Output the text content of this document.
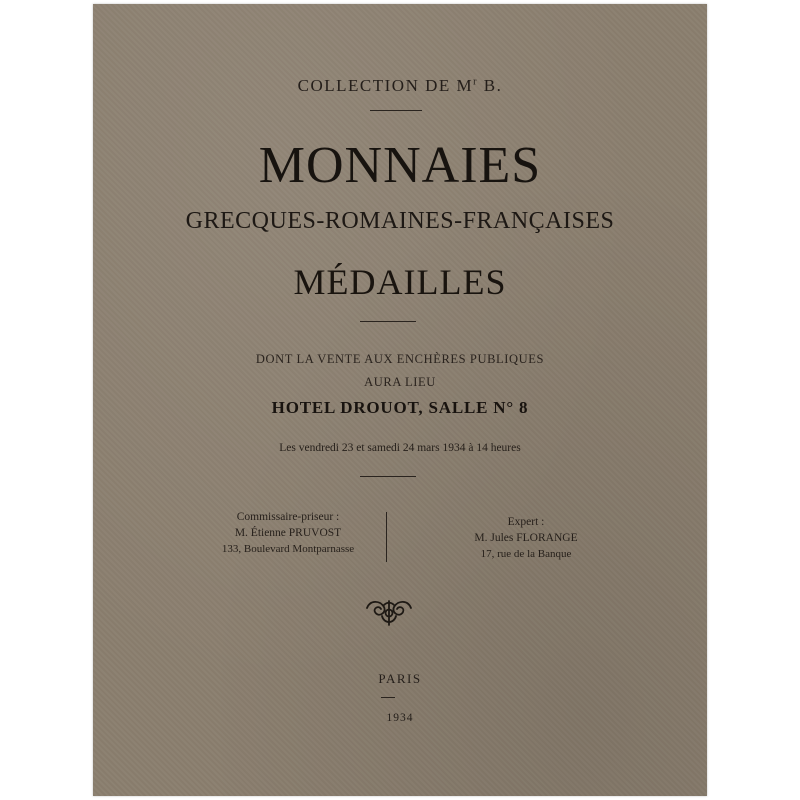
COLLECTION DE $M^r$ B.
MONNAIES
GRECQUES-ROMAINES-FRANÇAISES
MÉDAILLES
DONT LA VENTE AUX ENCHÈRES PUBLIQUES
AURA LIEU
HOTEL DROUOT, SALLE N° 8
Les vendredi 23 et samedi 24 mars 1934 à 14 heures
Commissaire-priseur :
M. Étienne PRUVOST
133, Boulevard Montparnasse
Expert :
M. Jules FLORANGE
17, rue de la Banque
PARIS
1934
